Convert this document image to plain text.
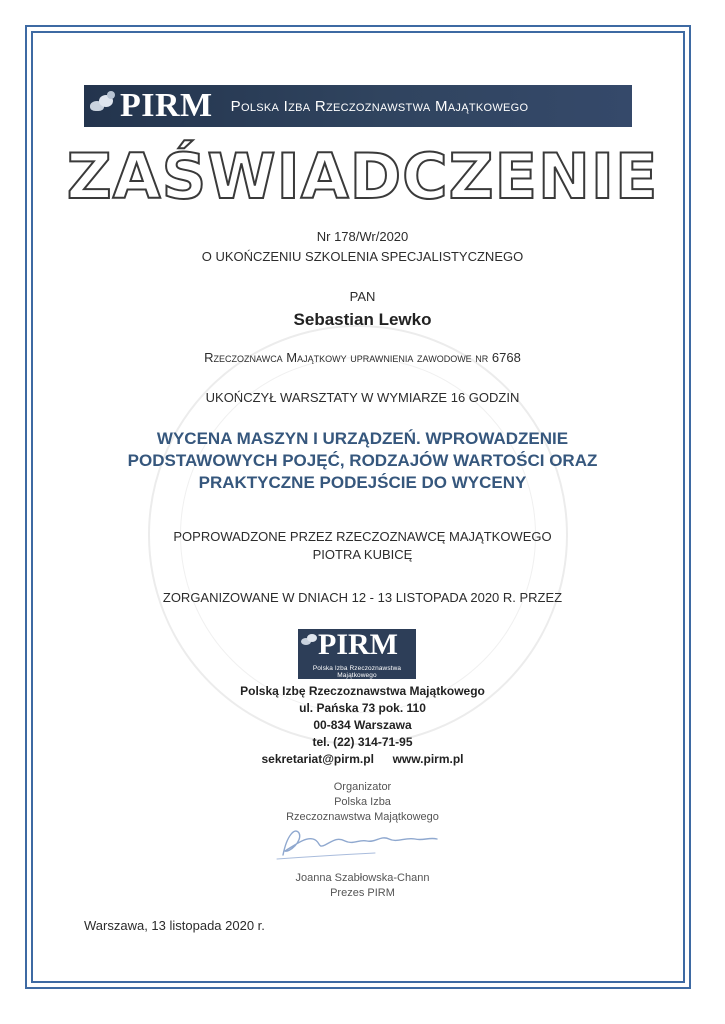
PIRM Polska Izba Rzeczoznawstwa Majątkowego
ZAŚWIADCZENIE
Nr 178/Wr/2020
O UKOŃCZENIU SZKOLENIA SPECJALISTYCZNEGO
PAN
Sebastian Lewko
Rzeczoznawca Majątkowy uprawnienia zawodowe nr 6768
UKOŃCZYŁ WARSZTATY W WYMIARZE 16 GODZIN
WYCENA MASZYN I URZĄDZEŃ. WPROWADZENIE
PODSTAWOWYCH POJĘĆ, RODZAJÓW WARTOŚCI ORAZ
PRAKTYCZNE PODEJŚCIE DO WYCENY
POPROWADZONE PRZEZ RZECZOZNAWCĘ MAJĄTKOWEGO
PIOTRA KUBICĘ
ZORGANIZOWANE W DNIACH 12 - 13 LISTOPADA 2020 R. PRZEZ
PIRM
Polska Izba Rzeczoznawstwa Majątkowego
Polską Izbę Rzeczoznawstwa Majątkowego
ul. Pańska 73 pok. 110
00-834 Warszawa
tel. (22) 314-71-95
sekretariat@pirm.pl www.pirm.pl
Organizator
Polska Izba
Rzeczoznawstwa Majątkowego
Joanna Szabłowska-Chann
Prezes PIRM
Warszawa, 13 listopada 2020 r.
